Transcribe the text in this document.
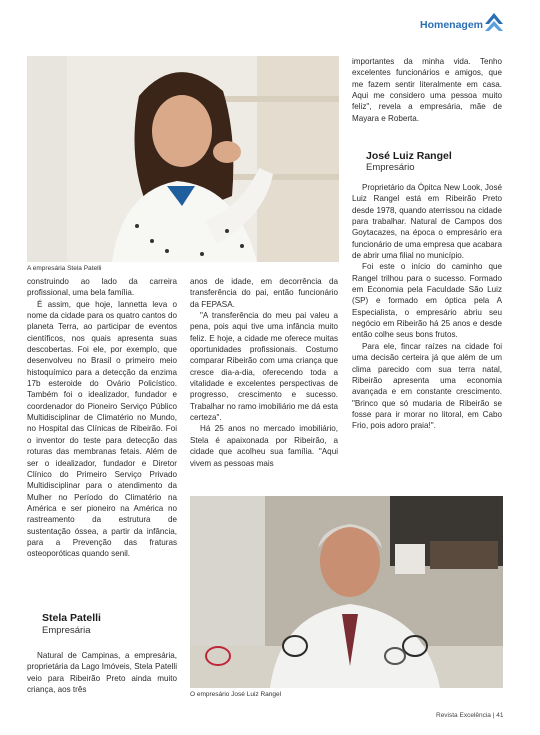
Homenagem
A empresária Stela Patelli

construindo ao lado da carreira profissional, uma bela família.

É assim, que hoje, Iannetta leva o nome da cidade para os quatro cantos do planeta Terra, ao participar de eventos científicos, nos quais apresenta suas descobertas. Foi ele, por exemplo, que desenvolveu no Brasil o primeiro meio histoquímico para a detecção da enzima 17b esteroide do Ovário Policístico. Também foi o idealizador, fundador e coordenador do Pioneiro Serviço Público Multidisciplinar de Climatério no Mundo, no Hospital das Clínicas de Ribeirão. Foi o inventor do teste para detecção das roturas das membranas fetais. Além de ser o idealizador, fundador e Diretor Clínico do Primeiro Serviço Privado Multidisciplinar para o atendimento da Mulher no Período do Climatério na América e ser pioneiro na América no rastreamento da estrutura de sustentação óssea, a partir da infância, para a Prevenção das fraturas osteoporóticas quando senil.

Stela Patelli
Empresária

Natural de Campinas, a empresária, proprietária da Lago Imóveis, Stela Patelli veio para Ribeirão Preto ainda muito criança, aos três

anos de idade, em decorrência da transferência do pai, então funcionário da FEPASA.

"A transferência do meu pai valeu a pena, pois aqui tive uma infância muito feliz. E hoje, a cidade me oferece muitas oportunidades profissionais. Costumo comparar Ribeirão com uma criança que cresce dia-a-dia, oferecendo toda a vitalidade e excelentes perspectivas de progresso, crescimento e sucesso. Trabalhar no ramo imobiliário me dá esta certeza".

Há 25 anos no mercado imobiliário, Stela é apaixonada por Ribeirão, a cidade que acolheu sua família. "Aqui vivem as pessoas mais

importantes da minha vida. Tenho excelentes funcionários e amigos, que me fazem sentir literalmente em casa. Aqui me considero uma pessoa muito feliz", revela a empresária, mãe de Mayara e Roberta.

José Luiz Rangel
Empresário

Proprietário da Ópitca New Look, José Luiz Rangel está em Ribeirão Preto desde 1978, quando aterrissou na cidade para trabalhar. Natural de Campos dos Goytacazes, na época o empresário era funcionário de uma empresa que acabara de abrir uma filial no município.

Foi este o início do caminho que Rangel trilhou para o sucesso. Formado em Economia pela Faculdade São Luiz (SP) e formado em óptica pela A Especialista, o empresário abriu seu negócio em Ribeirão há 25 anos e desde então colhe seus bons frutos.

Para ele, fincar raízes na cidade foi uma decisão certeira já que além de um clima parecido com sua terra natal, Ribeirão apresenta uma economia avançada e em constante crescimento. "Brinco que só mudaria de Ribeirão se fosse para ir morar no litoral, em Cabo Frio, pois adoro praia!".

O empresário José Luiz Rangel
Revista Excelência | 41
